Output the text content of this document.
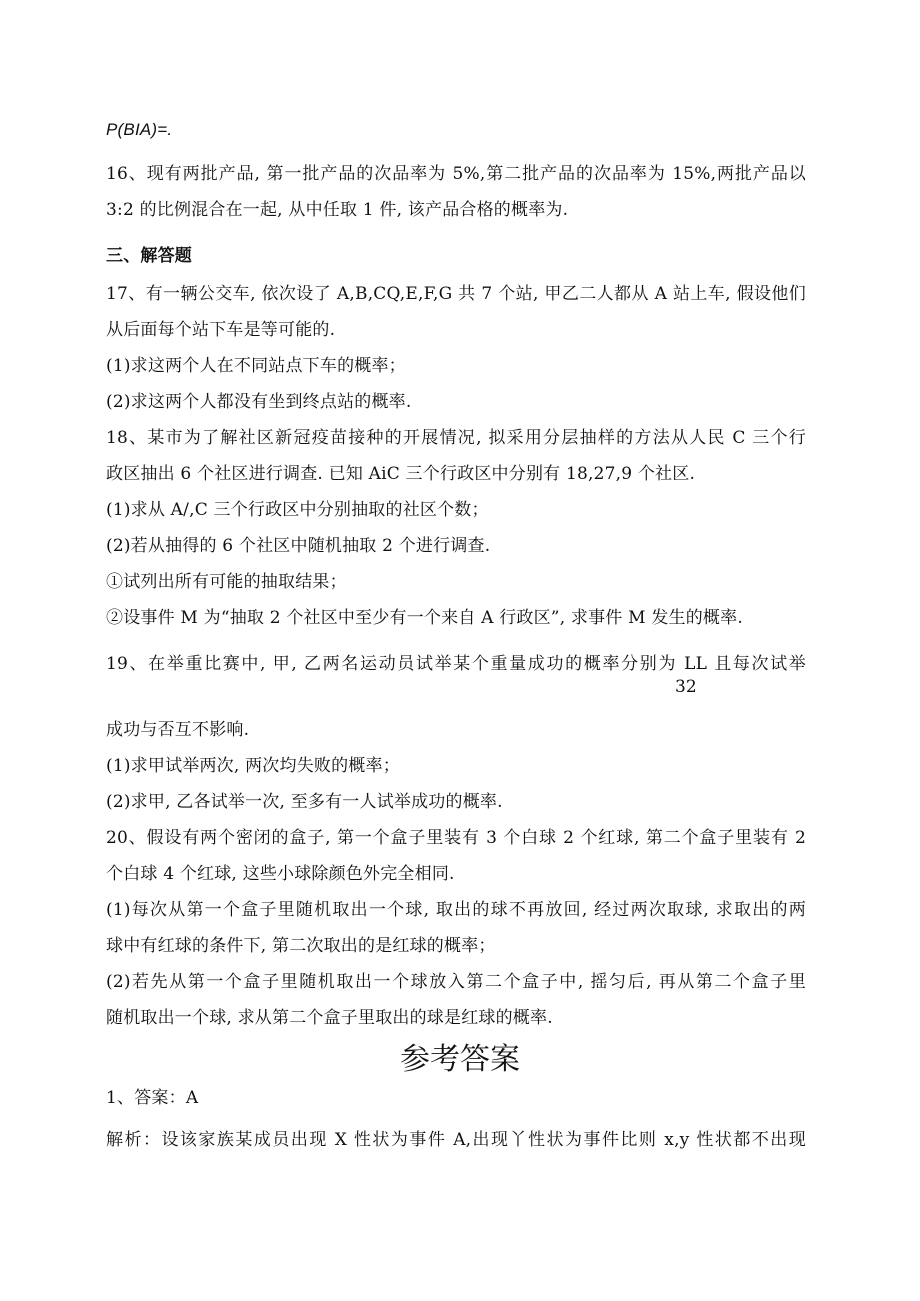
P(BIA)=.
16、现有两批产品, 第一批产品的次品率为 5%,第二批产品的次品率为 15%,两批产品以
3:2 的比例混合在一起, 从中任取 1 件, 该产品合格的概率为.
三、解答题
17、有一辆公交车, 依次设了 A,B,CQ,E,F,G 共 7 个站, 甲乙二人都从 A 站上车, 假设他们
从后面每个站下车是等可能的.
(1)求这两个人在不同站点下车的概率；
(2)求这两个人都没有坐到终点站的概率.
18、某市为了解社区新冠疫苗接种的开展情况, 拟采用分层抽样的方法从人民 C 三个行
政区抽出 6 个社区进行调查. 已知 AiC 三个行政区中分别有 18,27,9 个社区.
(1)求从 A/,C 三个行政区中分别抽取的社区个数；
(2)若从抽得的 6 个社区中随机抽取 2 个进行调查.
①试列出所有可能的抽取结果；
②设事件 M 为“抽取 2 个社区中至少有一个来自 A 行政区”, 求事件 M 发生的概率.
19、在举重比赛中, 甲, 乙两名运动员试举某个重量成功的概率分别为 LL 且每次试举
32
成功与否互不影响.
(1)求甲试举两次, 两次均失败的概率；
(2)求甲, 乙各试举一次, 至多有一人试举成功的概率.
20、假设有两个密闭的盒子, 第一个盒子里装有 3 个白球 2 个红球, 第二个盒子里装有 2
个白球 4 个红球, 这些小球除颜色外完全相同.
(1)每次从第一个盒子里随机取出一个球, 取出的球不再放回, 经过两次取球, 求取出的两
球中有红球的条件下, 第二次取出的是红球的概率；
(2)若先从第一个盒子里随机取出一个球放入第二个盒子中, 摇匀后, 再从第二个盒子里
随机取出一个球, 求从第二个盒子里取出的球是红球的概率.
参考答案
1、答案：A
解析：设该家族某成员出现 X 性状为事件 A,出现丫性状为事件比则 x,y 性状都不出现
